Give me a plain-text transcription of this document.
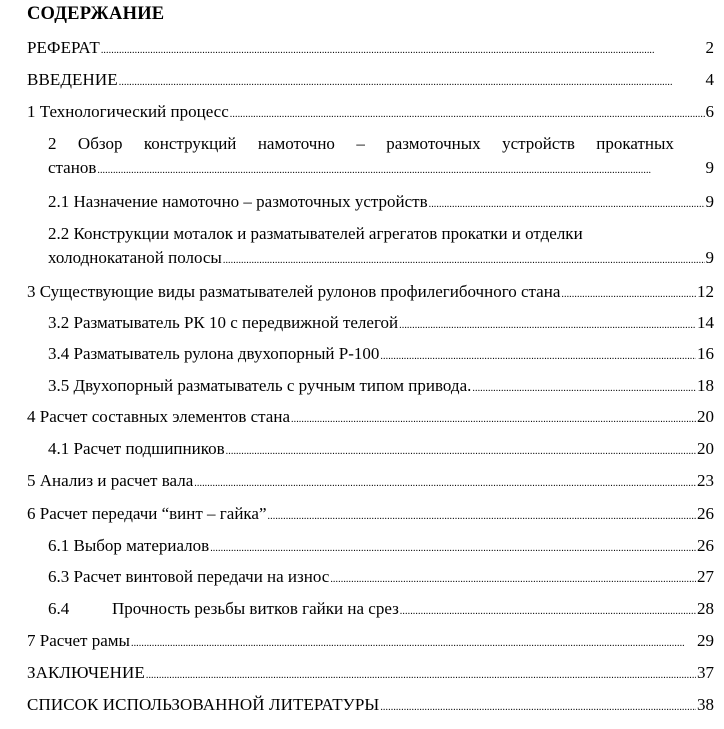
СОДЕРЖАНИЕ
РЕФЕРАТ . . .	2
ВВЕДЕНИЕ . . .	4
1 Технологический процесс . . .	6
2 Обзор конструкций намоточно – размоточных устройств прокатных
станов . . .	9
2.1 Назначение намоточно – размоточных устройств . . .	9
2.2 Конструкции моталок и разматывателей агрегатов прокатки и отделки
холоднокатаной полосы . . .	9
3 Существующие виды разматывателей рулонов профилегибочного стана . . .	12
3.2 Разматыватель РК 10 с передвижной телегой . . .	14
3.4 Разматыватель рулона двухопорный Р-100 . . .	16
3.5 Двухопорный разматыватель с ручным типом привода. . . .	18
4 Расчет составных элементов стана . . .	20
4.1 Расчет подшипников . . .	20
5 Анализ и расчет вала . . .	23
6 Расчет передачи “винт – гайка” . . .	26
6.1 Выбор материалов . . .	26
6.3 Расчет винтовой передачи на износ . . .	27
6.4	Прочность резьбы витков гайки на срез . . .	28
7 Расчет рамы . . .	29
ЗАКЛЮЧЕНИЕ . . .	37
СПИСОК ИСПОЛЬЗОВАННОЙ ЛИТЕРАТУРЫ . . .	38
